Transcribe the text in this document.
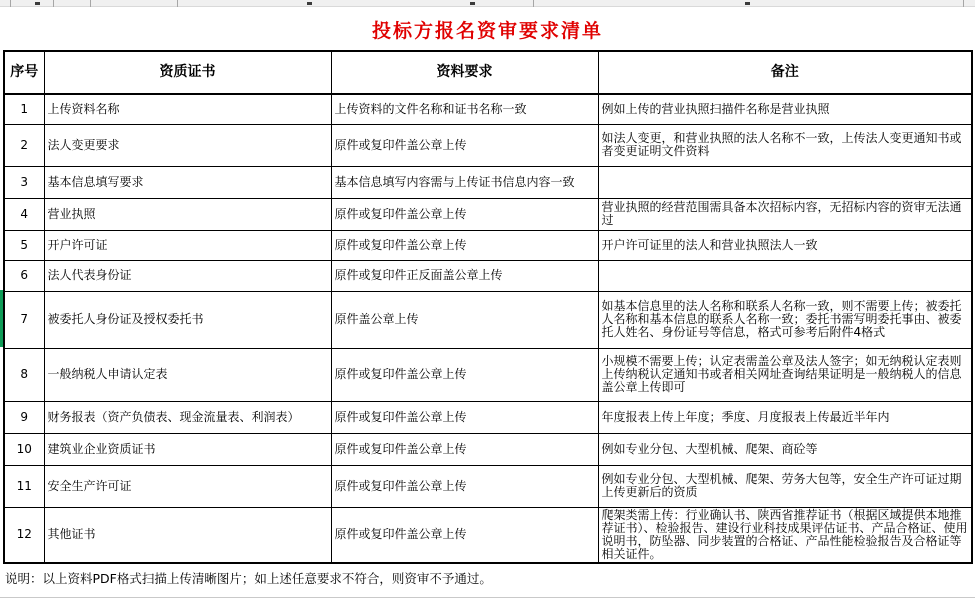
投标方报名资审要求清单
序号	资质证书	资料要求	备注
1	上传资料名称	上传资料的文件名称和证书名称一致	例如上传的营业执照扫描件名称是营业执照
2	法人变更要求	原件或复印件盖公章上传	如法人变更，和营业执照的法人名称不一致，上传法人变更通知书或者变更证明文件资料
3	基本信息填写要求	基本信息填写内容需与上传证书信息内容一致	
4	营业执照	原件或复印件盖公章上传	营业执照的经营范围需具备本次招标内容，无招标内容的资审无法通过
5	开户许可证	原件或复印件盖公章上传	开户许可证里的法人和营业执照法人一致
6	法人代表身份证	原件或复印件正反面盖公章上传	
7	被委托人身份证及授权委托书	原件盖公章上传	如基本信息里的法人名称和联系人名称一致，则不需要上传；被委托人名称和基本信息的联系人名称一致；委托书需写明委托事由、被委托人姓名、身份证号等信息，格式可参考后附件4格式
8	一般纳税人申请认定表	原件或复印件盖公章上传	小规模不需要上传；认定表需盖公章及法人签字；如无纳税认定表则上传纳税认定通知书或者相关网址查询结果证明是一般纳税人的信息盖公章上传即可
9	财务报表（资产负债表、现金流量表、利润表）	原件或复印件盖公章上传	年度报表上传上年度；季度、月度报表上传最近半年内
10	建筑业企业资质证书	原件或复印件盖公章上传	例如专业分包、大型机械、爬架、商砼等
11	安全生产许可证	原件或复印件盖公章上传	例如专业分包、大型机械、爬架、劳务大包等，安全生产许可证过期上传更新后的资质
12	其他证书	原件或复印件盖公章上传	爬架类需上传：行业确认书、陕西省推荐证书（根据区域提供本地推荐证书）、检验报告、建设行业科技成果评估证书、产品合格证、使用说明书，防坠器、同步装置的合格证、产品性能检验报告及合格证等相关证件。
说明：以上资料PDF格式扫描上传清晰图片；如上述任意要求不符合，则资审不予通过。
